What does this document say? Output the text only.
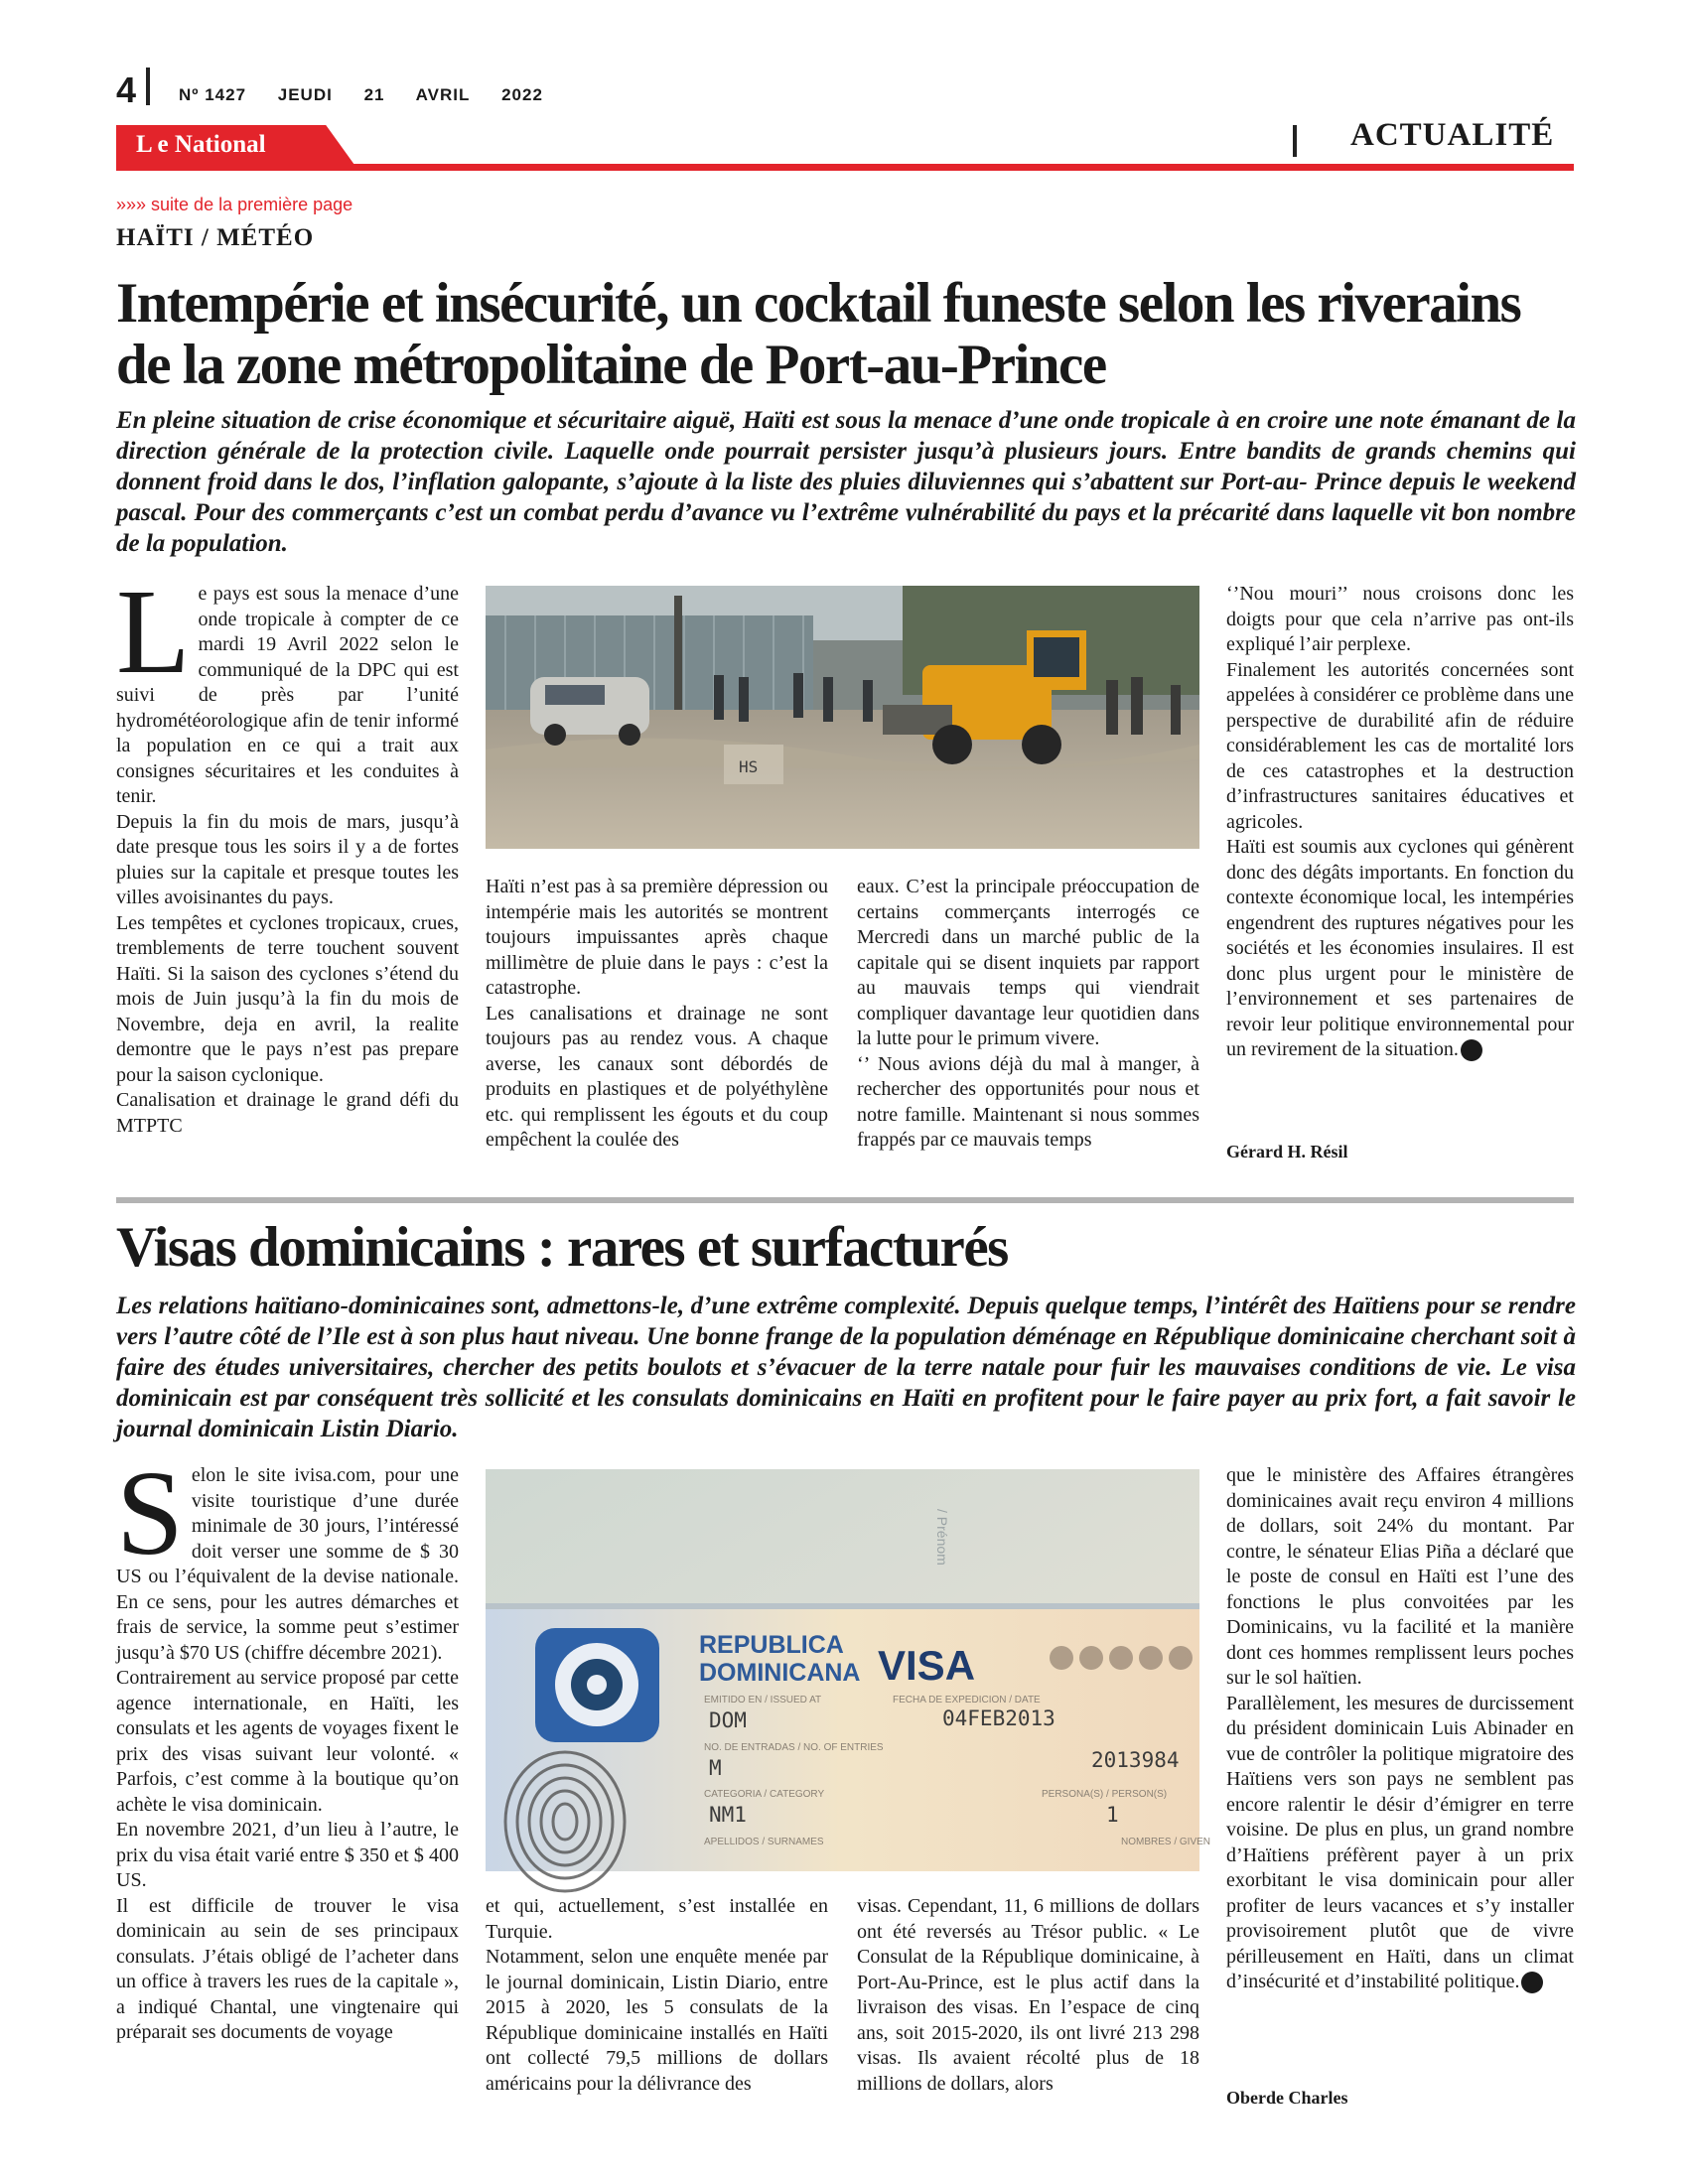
4	Nº 1427 JEUDI 21 AVRIL 2022
L e National	ACTUALITÉ
»»» suite de la première page
HAÏTI / MÉTÉO
Intempérie et insécurité, un cocktail funeste selon les riverains de la zone métropolitaine de Port-au-Prince
En pleine situation de crise économique et sécuritaire aiguë, Haïti est sous la menace d’une onde tropicale à en croire une note émanant de la direction générale de la protection civile. Laquelle onde pourrait persister jusqu’à plusieurs jours. Entre bandits de grands chemins qui donnent froid dans le dos, l’inflation galopante, s’ajoute à la liste des pluies diluviennes qui s’abattent sur Port-au- Prince depuis le weekend pascal. Pour des commerçants c’est un combat perdu d’avance vu l’extrême vulnérabilité du pays et la précarité dans laquelle vit bon nombre de la population.
L e pays est sous la menace d’une onde tropicale à compter de ce mardi 19 Avril 2022 selon le communiqué de la DPC qui est suivi de près par l’unité hydrométéorologique afin de tenir informé la population en ce qui a trait aux consignes sécuritaires et les conduites à tenir.

Depuis la fin du mois de mars, jusqu’à date presque tous les soirs il y a de fortes pluies sur la capitale et presque toutes les villes avoisinantes du pays.

Les tempêtes et cyclones tropicaux, crues, tremblements de terre touchent souvent Haïti. Si la saison des cyclones s’étend du mois de Juin jusqu’à la fin du mois de Novembre, deja en avril, la realite demontre que le pays n’est pas prepare pour la saison cyclonique.

Canalisation et drainage le grand défi du MTPTC

HS

Haïti n’est pas à sa première dépression ou intempérie mais les autorités se montrent toujours impuissantes après chaque millimètre de pluie dans le pays : c’est la catastrophe.

Les canalisations et drainage ne sont toujours pas au rendez vous. A chaque averse, les canaux sont débordés de produits en plastiques et de polyéthylène etc. qui remplissent les égouts et du coup empêchent la coulée des

eaux. C’est la principale préoccupation de certains commerçants interrogés ce Mercredi dans un marché public de la capitale qui se disent inquiets par rapport au mauvais temps qui viendrait compliquer davantage leur quotidien dans la lutte pour le primum vivere.

‘’ Nous avions déjà du mal à manger, à rechercher des opportunités pour nous et notre famille. Maintenant si nous sommes frappés par ce mauvais temps

‘’Nou mouri’’ nous croisons donc les doigts pour que cela n’arrive pas ont-ils expliqué l’air perplexe.

Finalement les autorités concernées sont appelées à considérer ce problème dans une perspective de durabilité afin de réduire considérablement les cas de mortalité lors de ces catastrophes et la destruction d’infrastructures sanitaires éducatives et agricoles.

Haïti est soumis aux cyclones qui génèrent donc des dégâts importants. En fonction du contexte économique local, les intempéries engendrent des ruptures négatives pour les sociétés et les économies insulaires. Il est donc plus urgent pour le ministère de l’environnement et ses partenaires de revoir leur politique environnemental pour un revirement de la situation.

Gérard H. Résil
Visas dominicains : rares et surfacturés
Les relations haïtiano-dominicaines sont, admettons-le, d’une extrême complexité. Depuis quelque temps, l’intérêt des Haïtiens pour se rendre vers l’autre côté de l’Ile est à son plus haut niveau. Une bonne frange de la population déménage en République dominicaine cherchant soit à faire des études universitaires, chercher des petits boulots et s’évacuer de la terre natale pour fuir les mauvaises conditions de vie. Le visa dominicain est par conséquent très sollicité et les consulats dominicains en Haïti en profitent pour le faire payer au prix fort, a fait savoir le journal dominicain Listin Diario.
S elon le site ivisa.com, pour une visite touristique d’une durée minimale de 30 jours, l’intéressé doit verser une somme de $ 30 US ou l’équivalent de la devise nationale. En ce sens, pour les autres démarches et frais de service, la somme peut s’estimer jusqu’à $70 US (chiffre décembre 2021).

Contrairement au service proposé par cette agence internationale, en Haïti, les consulats et les agents de voyages fixent le prix des visas suivant leur volonté. « Parfois, c’est comme à la boutique qu’on achète le visa dominicain.

En novembre 2021, d’un lieu à l’autre, le prix du visa était varié entre $ 350 et $ 400 US.

Il est difficile de trouver le visa dominicain au sein de ses principaux consulats. J’étais obligé de l’acheter dans un office à travers les rues de la capitale », a indiqué Chantal, une vingtenaire qui préparait ses documents de voyage

/ Prénom
REPUBLICA
DOMINICANA VISA
EMITIDO EN / ISSUED AT	FECHA DE EXPEDICION / DATE
NO. DE ENTRADAS / NO. OF ENTRIES
CATEGORIA / CATEGORY	PERSONA(S) / PERSON(S)
APELLIDOS / SURNAMES	NOMBRES / GIVEN
DOM	04FEB2013
2013984
M
NM1	1

et qui, actuellement, s’est installée en Turquie.

Notamment, selon une enquête menée par le journal dominicain, Listin Diario, entre 2015 à 2020, les 5 consulats de la République dominicaine installés en Haïti ont collecté 79,5 millions de dollars américains pour la délivrance des

visas. Cependant, 11, 6 millions de dollars ont été reversés au Trésor public. « Le Consulat de la République dominicaine, à Port-Au-Prince, est le plus actif dans la livraison des visas. En l’espace de cinq ans, soit 2015-2020, ils ont livré 213 298 visas. Ils avaient récolté plus de 18 millions de dollars, alors

que le ministère des Affaires étrangères dominicaines avait reçu environ 4 millions de dollars, soit 24% du montant. Par contre, le sénateur Elias Piña a déclaré que le poste de consul en Haïti est l’une des fonctions le plus convoitées par les Dominicains, vu la facilité et la manière dont ces hommes remplissent leurs poches sur le sol haïtien.

Parallèlement, les mesures de durcissement du président dominicain Luis Abinader en vue de contrôler la politique migratoire des Haïtiens vers son pays ne semblent pas encore ralentir le désir d’émigrer en terre voisine. De plus en plus, un grand nombre d’Haïtiens préfèrent payer à un prix exorbitant le visa dominicain pour aller profiter de leurs vacances et s’y installer provisoirement plutôt que de vivre périlleusement en Haïti, dans un climat d’insécurité et d’instabilité politique.

Oberde Charles
